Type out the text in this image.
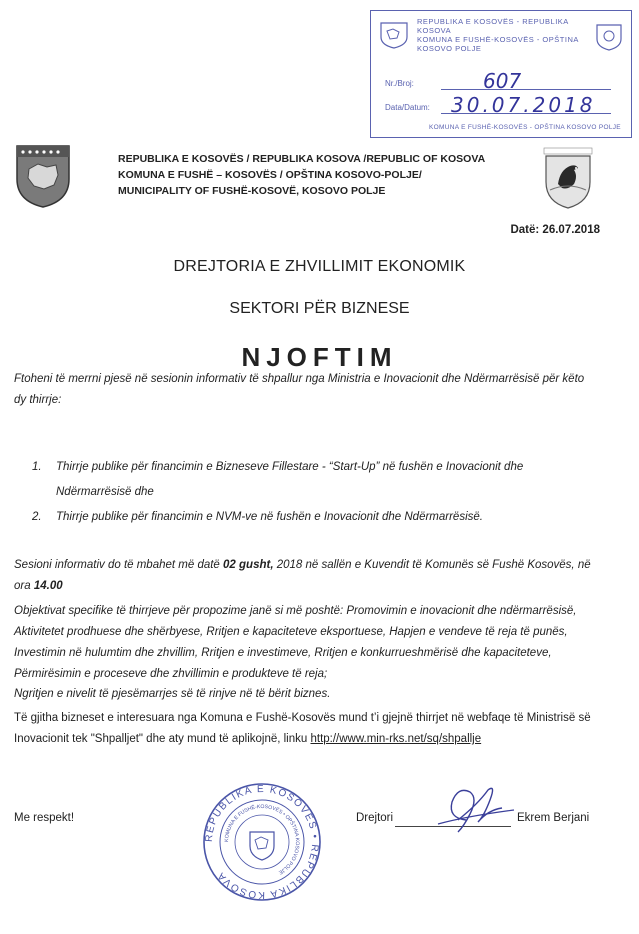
REPUBLIKA E KOSOVËS - REPUBLIKA KOSOVA
KOMUNA E FUSHË-KOSOVËS - OPŠTINA KOSOVO POLJE
Nr./Broj:	607
Data/Datum: 30.07.2018
KOMUNA E FUSHË-KOSOVËS - OPŠTINA KOSOVO POLJE
REPUBLIKA E KOSOVËS / REPUBLIKA KOSOVA /REPUBLIC OF KOSOVA
KOMUNA E FUSHË – KOSOVËS / OPŠTINA KOSOVO-POLJE/
MUNICIPALITY OF FUSHË-KOSOVË, KOSOVO POLJE
Datë: 26.07.2018
DREJTORIA E ZHVILLIMIT EKONOMIK
SEKTORI PËR BIZNESE
NJOFTIM
Ftoheni të merrni pjesë në sesionin informativ të shpallur nga Ministria e Inovacionit dhe Ndërmarrësisë për këto dy thirrje:
1. Thirrje publike për financimin e Bizneseve Fillestare - “Start-Up” në fushën e Inovacionit dhe
Ndërmarrësisë dhe
2. Thirrje publike për financimin e NVM-ve në fushën e Inovacionit dhe Ndërmarrësisë.
Sesioni informativ do të mbahet më datë 02 gusht, 2018 në sallën e Kuvendit të Komunës së Fushë Kosovës, në ora 14.00
Objektivat specifike të thirrjeve për propozime janë si më poshtë: Promovimin e inovacionit dhe ndërmarrësisë, Aktivitetet prodhuese dhe shërbyese, Rritjen e kapaciteteve eksportuese, Hapjen e vendeve të reja të punës, Investimin në hulumtim dhe zhvillim, Rritjen e investimeve, Rritjen e konkurrueshmërisë dhe kapaciteteve, Përmirësimin e proceseve dhe zhvillimin e produkteve të reja;
Ngritjen e nivelit të pjesëmarrjes së të rinjve në të bërit biznes.
Të gjitha bizneset e interesuara nga Komuna e Fushë-Kosovës mund t’i gjejnë thirrjet në webfaqe të Ministrisë së Inovacionit tek "Shpalljet" dhe aty mund të aplikojnë, linku http://www.min-rks.net/sq/shpallje
Me respekt!
REPUBLIKA E KOSOVËS • REPUBLIKA KOSOVA
KOMUNA E FUSHË-KOSOVËS • OPŠTINA KOSOVO POLJE
Drejtori	Ekrem Berjani
